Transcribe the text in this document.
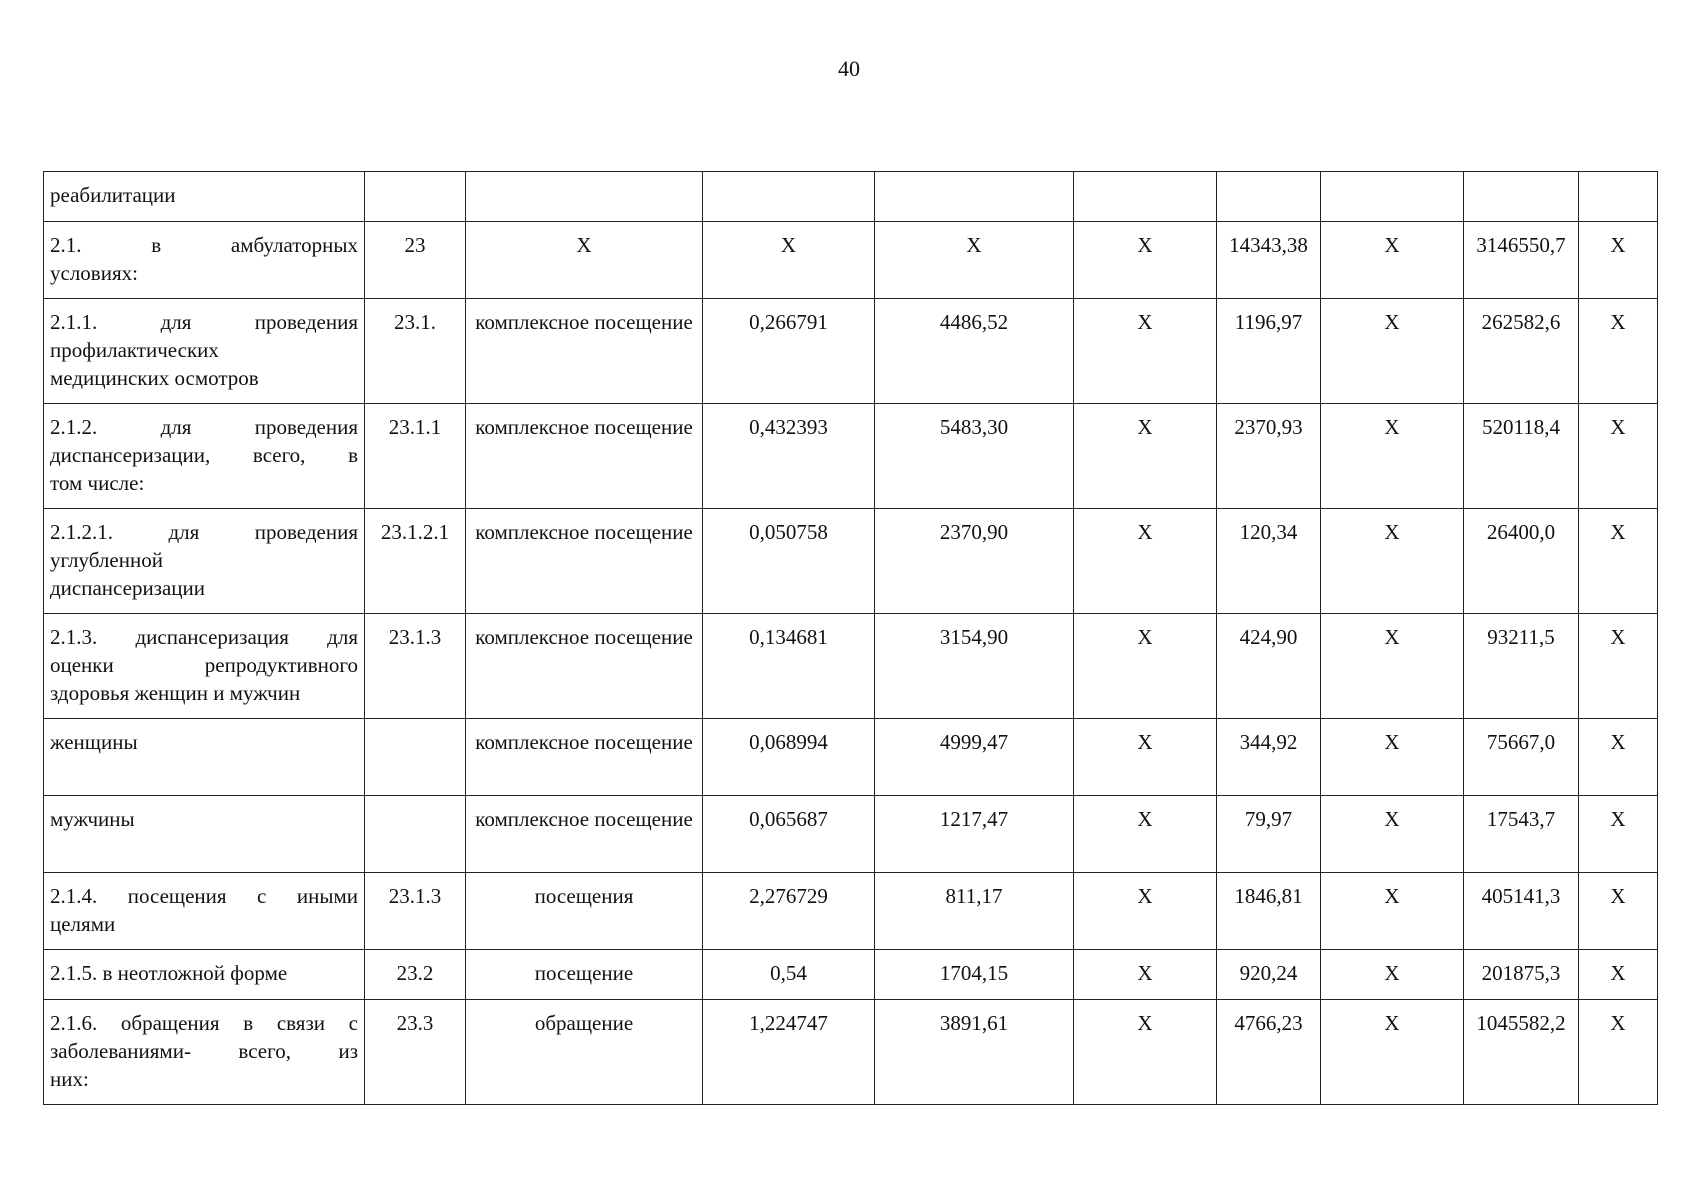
40
реабилитации									

2.1. в амбулаторных
условиях:	23	Х	Х	Х	Х	14343,38	Х	3146550,7	Х

2.1.1. для проведения
профилактических
медицинских осмотров	23.1.	комплексное посещение	0,266791	4486,52	Х	1196,97	Х	262582,6	Х

2.1.2. для проведения
диспансеризации, всего, в
том числе:	23.1.1	комплексное посещение	0,432393	5483,30	Х	2370,93	Х	520118,4	Х

2.1.2.1. для проведения
углубленной
диспансеризации	23.1.2.1	комплексное посещение	0,050758	2370,90	Х	120,34	Х	26400,0	Х

2.1.3. диспансеризация для
оценки репродуктивного
здоровья женщин и мужчин	23.1.3	комплексное посещение	0,134681	3154,90	Х	424,90	Х	93211,5	Х

женщины		комплексное посещение	0,068994	4999,47	Х	344,92	Х	75667,0	Х

мужчины		комплексное посещение	0,065687	1217,47	Х	79,97	Х	17543,7	Х

2.1.4. посещения с иными
целями	23.1.3	посещения	2,276729	811,17	Х	1846,81	Х	405141,3	Х

2.1.5. в неотложной форме	23.2	посещение	0,54	1704,15	Х	920,24	Х	201875,3	Х

2.1.6. обращения в связи с
заболеваниями- всего, из
них:	23.3	обращение	1,224747	3891,61	Х	4766,23	Х	1045582,2	Х
